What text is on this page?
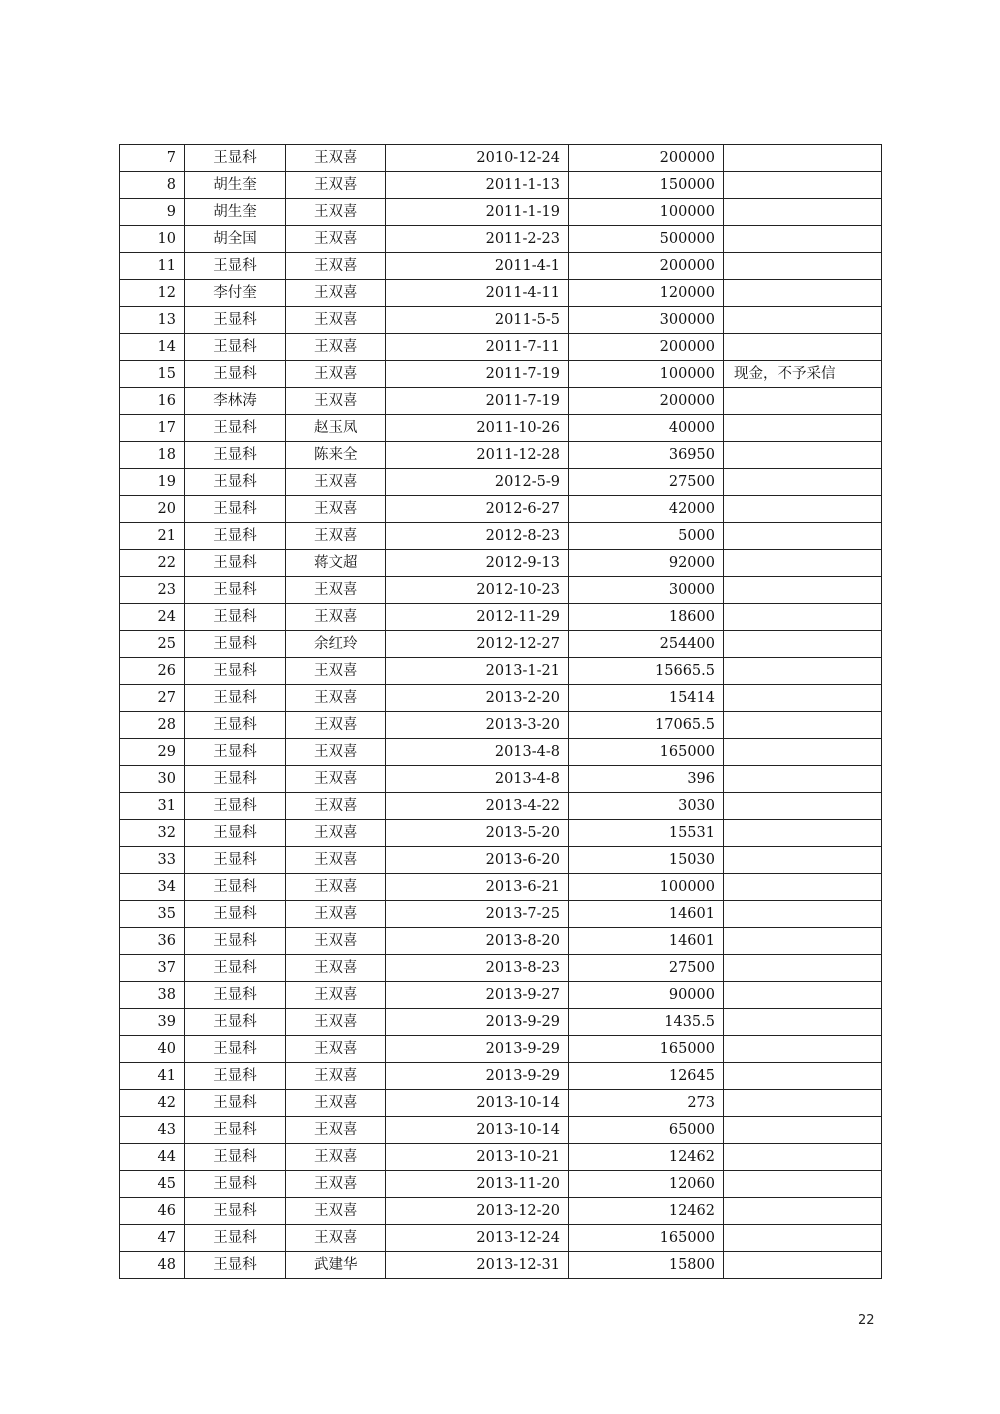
7	王显科	王双喜	2010-12-24	200000	
8	胡生奎	王双喜	2011-1-13	150000	
9	胡生奎	王双喜	2011-1-19	100000	
10	胡全国	王双喜	2011-2-23	500000	
11	王显科	王双喜	2011-4-1	200000	
12	李付奎	王双喜	2011-4-11	120000	
13	王显科	王双喜	2011-5-5	300000	
14	王显科	王双喜	2011-7-11	200000	
15	王显科	王双喜	2011-7-19	100000	现金，不予采信
16	李林涛	王双喜	2011-7-19	200000	
17	王显科	赵玉凤	2011-10-26	40000	
18	王显科	陈来全	2011-12-28	36950	
19	王显科	王双喜	2012-5-9	27500	
20	王显科	王双喜	2012-6-27	42000	
21	王显科	王双喜	2012-8-23	5000	
22	王显科	蒋文超	2012-9-13	92000	
23	王显科	王双喜	2012-10-23	30000	
24	王显科	王双喜	2012-11-29	18600	
25	王显科	余红玲	2012-12-27	254400	
26	王显科	王双喜	2013-1-21	15665.5	
27	王显科	王双喜	2013-2-20	15414	
28	王显科	王双喜	2013-3-20	17065.5	
29	王显科	王双喜	2013-4-8	165000	
30	王显科	王双喜	2013-4-8	396	
31	王显科	王双喜	2013-4-22	3030	
32	王显科	王双喜	2013-5-20	15531	
33	王显科	王双喜	2013-6-20	15030	
34	王显科	王双喜	2013-6-21	100000	
35	王显科	王双喜	2013-7-25	14601	
36	王显科	王双喜	2013-8-20	14601	
37	王显科	王双喜	2013-8-23	27500	
38	王显科	王双喜	2013-9-27	90000	
39	王显科	王双喜	2013-9-29	1435.5	
40	王显科	王双喜	2013-9-29	165000	
41	王显科	王双喜	2013-9-29	12645	
42	王显科	王双喜	2013-10-14	273	
43	王显科	王双喜	2013-10-14	65000	
44	王显科	王双喜	2013-10-21	12462	
45	王显科	王双喜	2013-11-20	12060	
46	王显科	王双喜	2013-12-20	12462	
47	王显科	王双喜	2013-12-24	165000	
48	王显科	武建华	2013-12-31	15800	
22
